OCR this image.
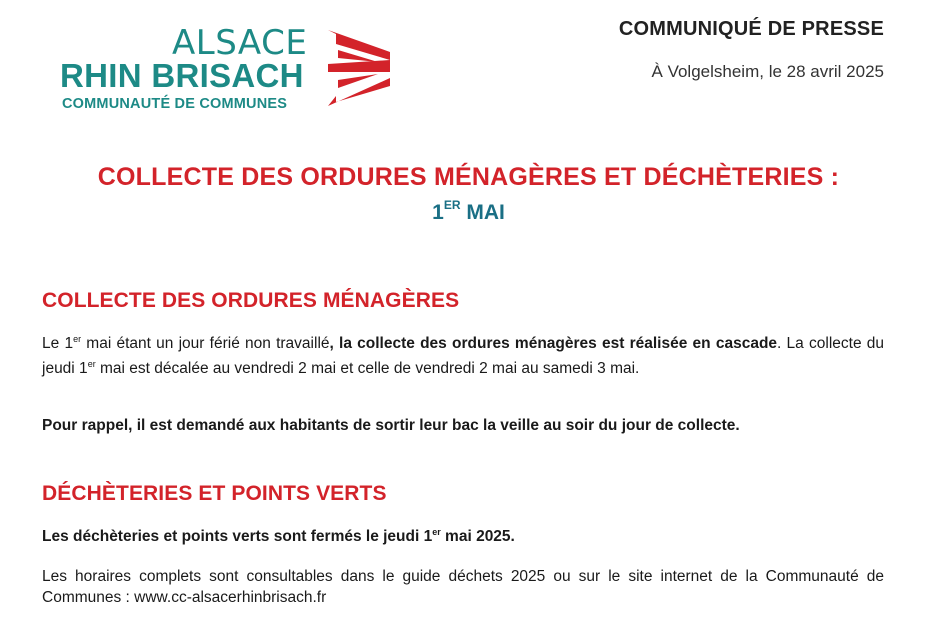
ALSACE
RHIN BRISACH
COMMUNAUTÉ DE COMMUNES
COMMUNIQUÉ DE PRESSE
À Volgelsheim, le 28 avril 2025
COLLECTE DES ORDURES MÉNAGÈRES ET DÉCHÈTERIES :
1ER MAI
COLLECTE DES ORDURES MÉNAGÈRES
Le 1er mai étant un jour férié non travaillé, la collecte des ordures ménagères est réalisée en cascade. La collecte du jeudi 1er mai est décalée au vendredi 2 mai et celle de vendredi 2 mai au samedi 3 mai.
Pour rappel, il est demandé aux habitants de sortir leur bac la veille au soir du jour de collecte.
DÉCHÈTERIES ET POINTS VERTS
Les déchèteries et points verts sont fermés le jeudi 1er mai 2025.
Les horaires complets sont consultables dans le guide déchets 2025 ou sur le site internet de la Communauté de Communes : www.cc-alsacerhinbrisach.fr
